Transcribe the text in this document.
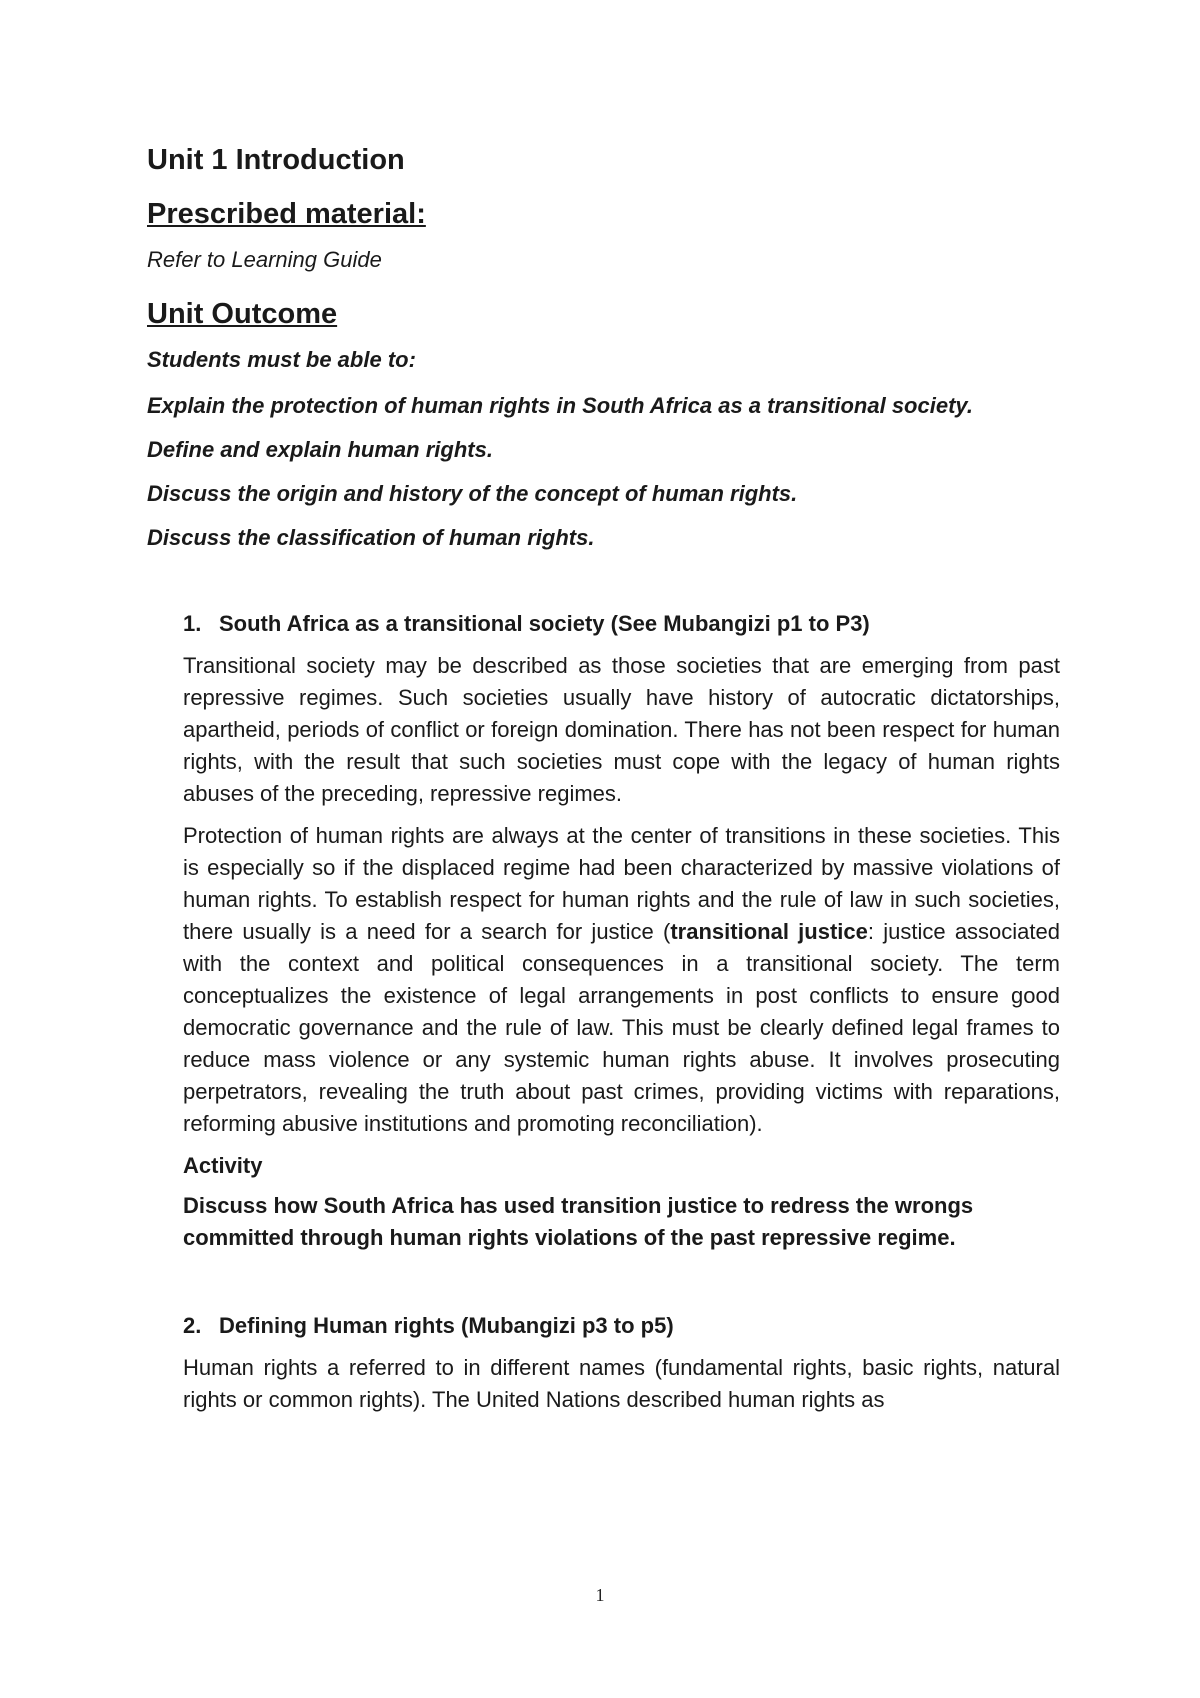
Unit 1 Introduction
Prescribed material:
Refer to Learning Guide
Unit Outcome
Students must be able to:
Explain the protection of human rights in South Africa as a transitional society.
Define and explain human rights.
Discuss the origin and history of the concept of human rights.
Discuss the classification of human rights.
1. South Africa as a transitional society (See Mubangizi p1 to P3)

Transitional society may be described as those societies that are emerging from past repressive regimes. Such societies usually have history of autocratic dictatorships, apartheid, periods of conflict or foreign domination. There has not been respect for human rights, with the result that such societies must cope with the legacy of human rights abuses of the preceding, repressive regimes.

Protection of human rights are always at the center of transitions in these societies. This is especially so if the displaced regime had been characterized by massive violations of human rights. To establish respect for human rights and the rule of law in such societies, there usually is a need for a search for justice (transitional justice: justice associated with the context and political consequences in a transitional society. The term conceptualizes the existence of legal arrangements in post conflicts to ensure good democratic governance and the rule of law. This must be clearly defined legal frames to reduce mass violence or any systemic human rights abuse. It involves prosecuting perpetrators, revealing the truth about past crimes, providing victims with reparations, reforming abusive institutions and promoting reconciliation).

Activity

Discuss how South Africa has used transition justice to redress the wrongs committed through human rights violations of the past repressive regime.

2. Defining Human rights (Mubangizi p3 to p5)

Human rights a referred to in different names (fundamental rights, basic rights, natural rights or common rights). The United Nations described human rights as

1
